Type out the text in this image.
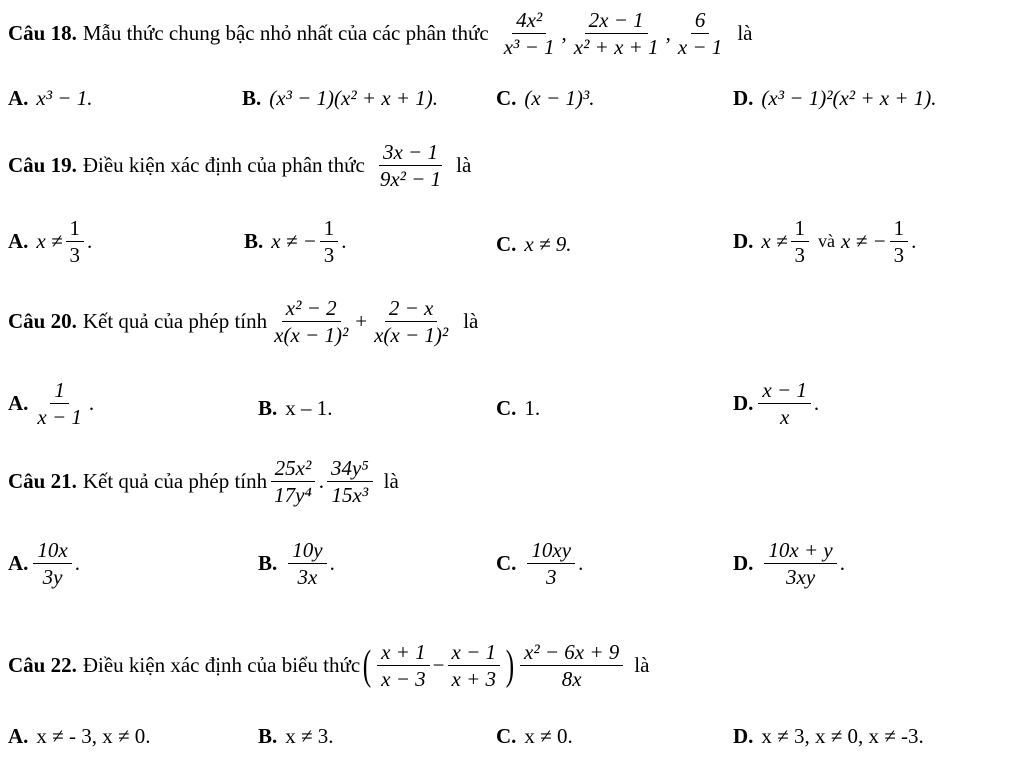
Câu 18. Mẫu thức chung bậc nhỏ nhất của các phân thức $\frac{\text{4x²}}{\text{x³ − 1}}$ , $\frac{2x - 1}{\text{x² + x + 1}}$ , $\frac{6}{x - 1}$ là
A. x³ − 1.	B. (x³ − 1)(x² + x + 1).	C. (x − 1)³.	D. (x³ − 1)²(x² + x + 1).
Câu 19. Điều kiện xác định của phân thức $\frac{3x - 1}{\text{9x² − 1}}$ là
A. $x \ne \frac{1}{3}$ .	B. x ≠ − $\frac{1}{3}$ .	C. x ≠ 9.	D. $x \ne \frac{1}{3}$ và x ≠ − $\frac{1}{3}$ .
Câu 20. Kết quả của phép tính $\frac{\text{x² − 2}}{\text{x(x − 1)²}} + \frac{2 - x}{\text{x(x − 1)²}}$ là
A. $\frac{1}{x - 1}$ .	B. x – 1.	C. 1.	D. $\frac{x - 1}{x}$ .
Câu 21. Kết quả của phép tính $\frac{\text{25x²}}{\text{17y⁴}}$ . $\frac{\text{34y⁵}}{\text{15x³}}$ là
A. $\frac{10x}{3y}$ .	B. $\frac{10y}{3x}$ .	C. $\frac{10xy}{3}$ .	D. $\frac{10x + y}{3xy}$ .
Câu 22. Điều kiện xác định của biểu thức ( $\frac{x + 1}{x - 3} - \frac{x - 1}{x + 3}$ ) $\frac{\text{x² − 6x + 9}}{8x}$ là
A. x ≠ - 3, x ≠ 0.	B. x ≠ 3.	C. x ≠ 0.	D. x ≠ 3, x ≠ 0, x ≠ -3.
